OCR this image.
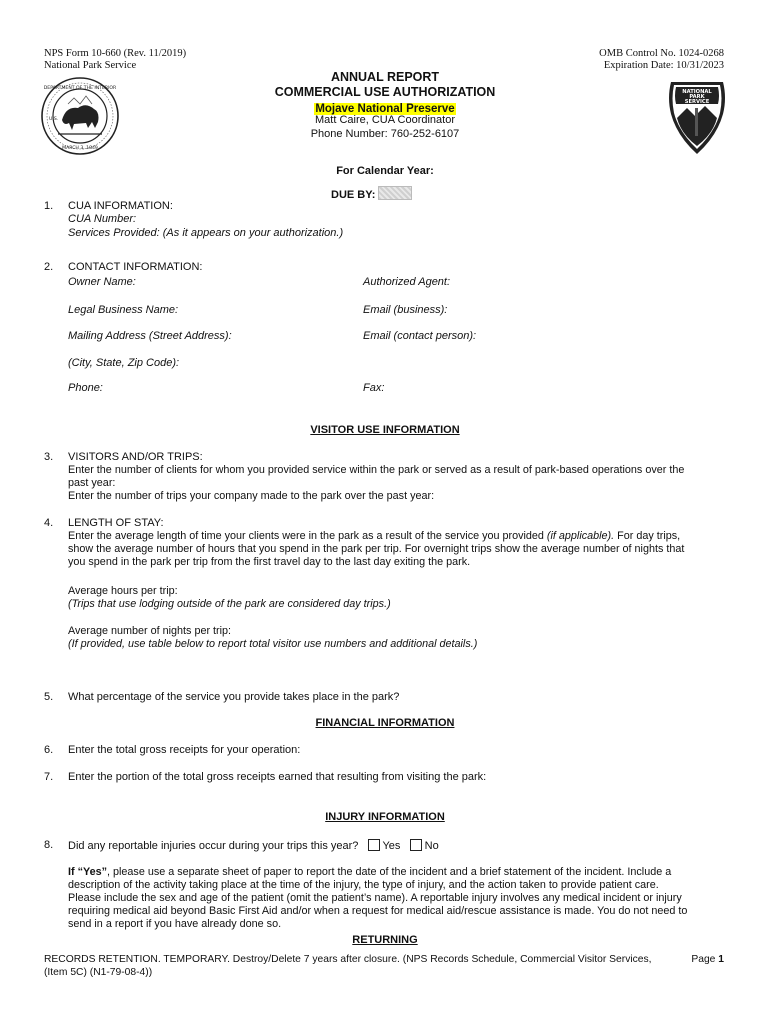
NPS Form 10-660 (Rev. 11/2019)
National Park Service
OMB Control No. 1024-0268
Expiration Date: 10/31/2023
DEPARTMENT OF THE INTERIOR
U.S.
MARCH 3, 1849
NATIONAL
PARK
SERVICE
ANNUAL REPORT
COMMERCIAL USE AUTHORIZATION
Mojave National Preserve
Matt Caire, CUA Coordinator
Phone Number: 760-252-6107
For Calendar Year:
DUE BY:
1. CUA INFORMATION:
CUA Number:
Services Provided: (As it appears on your authorization.)
2. CONTACT INFORMATION:
Owner Name:	Authorized Agent:
Legal Business Name:	Email (business):
Mailing Address (Street Address):	Email (contact person):
(City, State, Zip Code):
Phone:	Fax:
VISITOR USE INFORMATION
3. VISITORS AND/OR TRIPS:
Enter the number of clients for whom you provided service within the park or served as a result of park-based operations over the
past year:
Enter the number of trips your company made to the park over the past year:
4. LENGTH OF STAY:
Enter the average length of time your clients were in the park as a result of the service you provided (if applicable). For day trips,
show the average number of hours that you spend in the park per trip. For overnight trips show the average number of nights that
you spend in the park per trip from the first travel day to the last day exiting the park.
Average hours per trip:
(Trips that use lodging outside of the park are considered day trips.)
Average number of nights per trip:
(If provided, use table below to report total visitor use numbers and additional details.)
5. What percentage of the service you provide takes place in the park?
FINANCIAL INFORMATION
6. Enter the total gross receipts for your operation:
7. Enter the portion of the total gross receipts earned that resulting from visiting the park:
INJURY INFORMATION
8. Did any reportable injuries occur during your trips this year? Yes No
If “Yes”, please use a separate sheet of paper to report the date of the incident and a brief statement of the incident. Include a
description of the activity taking place at the time of the injury, the type of injury, and the action taken to provide patient care.
Please include the sex and age of the patient (omit the patient’s name). A reportable injury involves any medical incident or injury
requiring medical aid beyond Basic First Aid and/or when a request for medical aid/rescue assistance is made. You do not need to
send in a report if you have already done so.
RETURNING
RECORDS RETENTION. TEMPORARY. Destroy/Delete 7 years after closure. (NPS Records Schedule, Commercial Visitor Services,
(Item 5C) (N1-79-08-4))
Page 1
